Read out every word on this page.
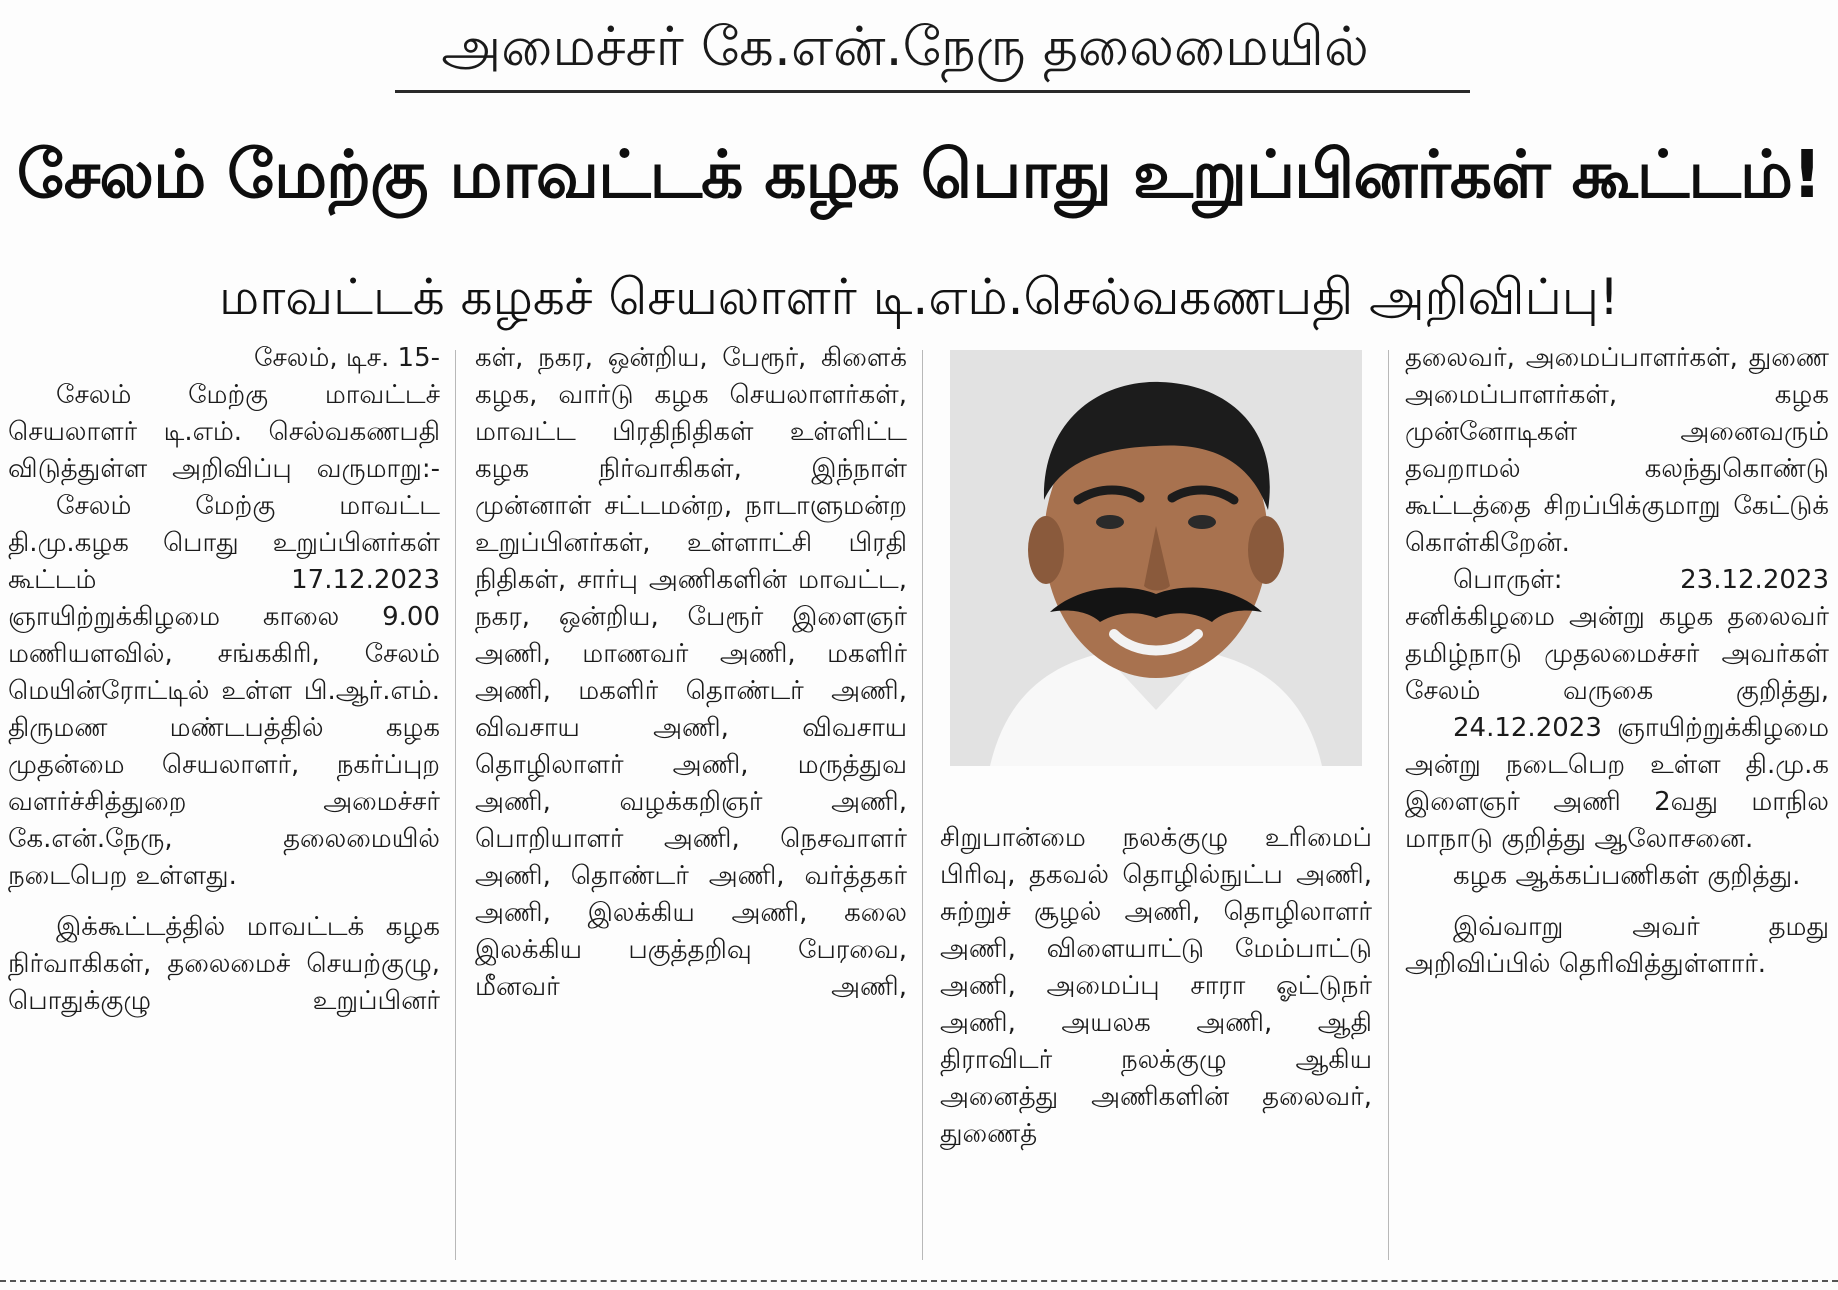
அமைச்சர் கே.என்.நேரு தலைமையில்
சேலம் மேற்கு மாவட்டக் கழக பொது உறுப்பினர்கள் கூட்டம்!
மாவட்டக் கழகச் செயலாளர் டி.எம்.செல்வகணபதி அறிவிப்பு!

சேலம், டிச. 15-

சேலம் மேற்கு மாவட்டச் செயலாளர் டி.எம். செல்வகணபதி விடுத்துள்ள அறிவிப்பு வருமாறு:-

சேலம் மேற்கு மாவட்ட தி.மு.கழக பொது உறுப்பினர்கள் கூட்டம் 17.12.2023 ஞாயிற்றுக்கிழமை காலை 9.00 மணியளவில், சங்ககிரி, சேலம் மெயின்ரோட்டில் உள்ள பி.ஆர்.எம். திருமண மண்டபத்தில் கழக முதன்மை செயலாளர், நகர்ப்புற வளர்ச்சித்துறை அமைச்சர் கே.என்.நேரு, தலைமையில் நடைபெற உள்ளது.

இக்கூட்டத்தில் மாவட்டக் கழக நிர்வாகிகள், தலைமைச் செயற்குழு, பொதுக்குழு உறுப்பினர்

கள், நகர, ஒன்றிய, பேரூர், கிளைக் கழக, வார்டு கழக செயலாளர்கள், மாவட்ட பிரதிநிதிகள் உள்ளிட்ட கழக நிர்வாகிகள், இந்நாள் முன்னாள் சட்டமன்ற, நாடாளுமன்ற உறுப்பினர்கள், உள்ளாட்சி பிரதி நிதிகள், சார்பு அணிகளின் மாவட்ட, நகர, ஒன்றிய, பேரூர் இளைஞர் அணி, மாணவர் அணி, மகளிர் அணி, மகளிர் தொண்டர் அணி, விவசாய அணி, விவசாய தொழிலாளர் அணி, மருத்துவ அணி, வழக்கறிஞர் அணி, பொறியாளர் அணி, நெசவாளர் அணி, தொண்டர் அணி, வர்த்தகர் அணி, இலக்கிய அணி, கலை இலக்கிய பகுத்தறிவு பேரவை, மீனவர் அணி,

சிறுபான்மை நலக்குழு உரிமைப் பிரிவு, தகவல் தொழில்நுட்ப அணி, சுற்றுச் சூழல் அணி, தொழிலாளர் அணி, விளையாட்டு மேம்பாட்டு அணி, அமைப்பு சாரா ஓட்டுநர் அணி, அயலக அணி, ஆதி திராவிடர் நலக்குழு ஆகிய அனைத்து அணிகளின் தலைவர், துணைத்

தலைவர், அமைப்பாளர்கள், துணை அமைப்பாளர்கள், கழக முன்னோடிகள் அனைவரும் தவறாமல் கலந்துகொண்டு கூட்டத்தை சிறப்பிக்குமாறு கேட்டுக் கொள்கிறேன்.

பொருள்: 23.12.2023 சனிக்கிழமை அன்று கழக தலைவர் தமிழ்நாடு முதலமைச்சர் அவர்கள் சேலம் வருகை குறித்து,

24.12.2023 ஞாயிற்றுக்கிழமை அன்று நடைபெற உள்ள தி.மு.க இளைஞர் அணி 2வது மாநில மாநாடு குறித்து ஆலோசனை.

கழக ஆக்கப்பணிகள் குறித்து.

இவ்வாறு அவர் தமது அறிவிப்பில் தெரிவித்துள்ளார்.
